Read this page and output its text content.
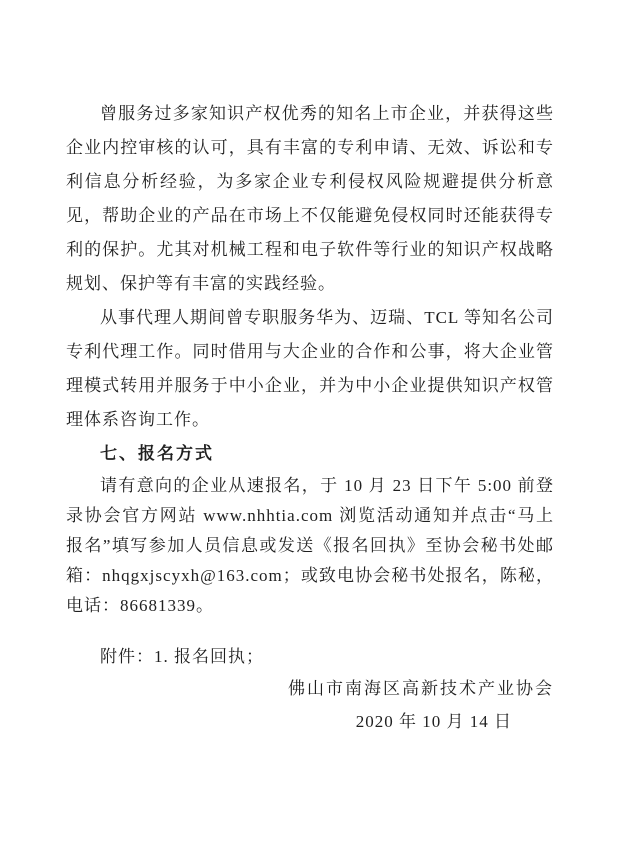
曾服务过多家知识产权优秀的知名上市企业，并获得这些企业内控审核的认可，具有丰富的专利申请、无效、诉讼和专利信息分析经验，为多家企业专利侵权风险规避提供分析意见，帮助企业的产品在市场上不仅能避免侵权同时还能获得专利的保护。尤其对机械工程和电子软件等行业的知识产权战略规划、保护等有丰富的实践经验。

从事代理人期间曾专职服务华为、迈瑞、TCL 等知名公司专利代理工作。同时借用与大企业的合作和公事，将大企业管理模式转用并服务于中小企业，并为中小企业提供知识产权管理体系咨询工作。

七、报名方式

请有意向的企业从速报名，于 10 月 23 日下午 5:00 前登录协会官方网站 www.nhhtia.com 浏览活动通知并点击“马上报名”填写参加人员信息或发送《报名回执》至协会秘书处邮箱：nhqgxjscyxh@163.com；或致电协会秘书处报名，陈秘，电话：86681339。

附件：1. 报名回执；

佛山市南海区高新技术产业协会

2020 年 10 月 14 日
